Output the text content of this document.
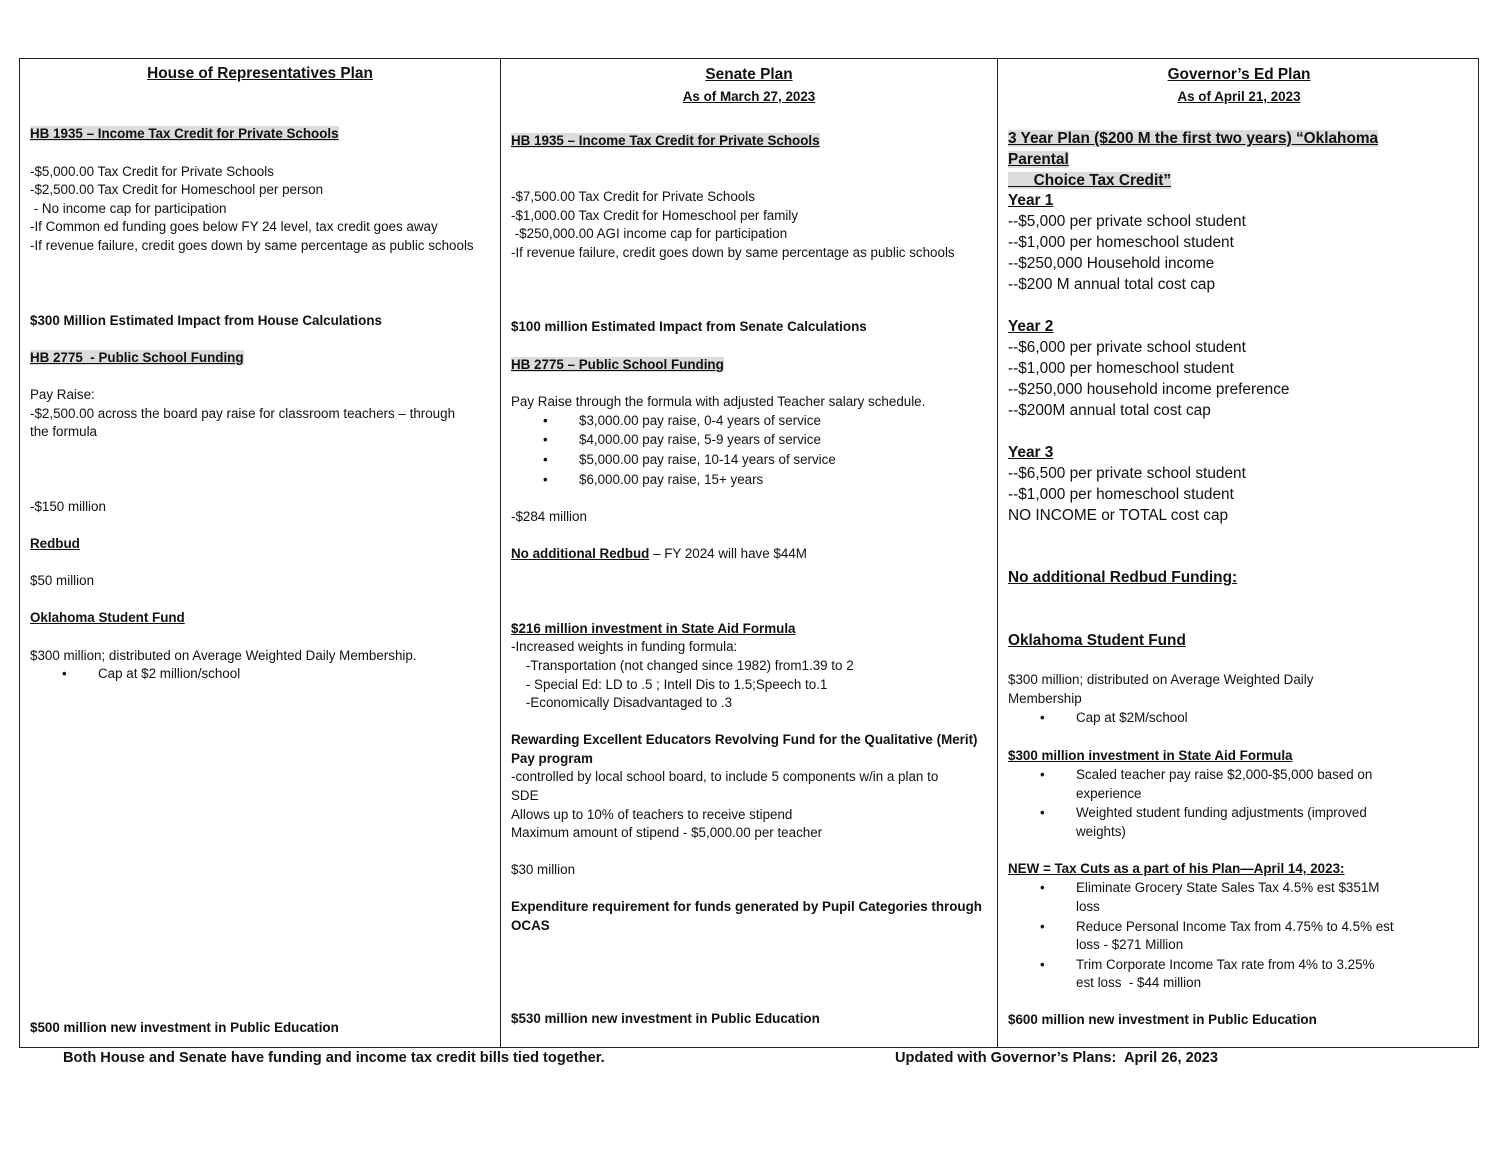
House of Representatives Plan
HB 1935 – Income Tax Credit for Private Schools
-$5,000.00 Tax Credit for Private Schools
-$2,500.00 Tax Credit for Homeschool per person
- No income cap for participation
-If Common ed funding goes below FY 24 level, tax credit goes away
-If revenue failure, credit goes down by same percentage as public schools
$300 Million Estimated Impact from House Calculations
HB 2775  - Public School Funding
Pay Raise:
-$2,500.00 across the board pay raise for classroom teachers – through
the formula
-$150 million
Redbud
$50 million
Oklahoma Student Fund
$300 million; distributed on Average Weighted Daily Membership.
• Cap at $2 million/school
$500 million new investment in Public Education
Senate Plan
As of March 27, 2023
HB 1935 – Income Tax Credit for Private Schools
-$7,500.00 Tax Credit for Private Schools
-$1,000.00 Tax Credit for Homeschool per family
-$250,000.00 AGI income cap for participation
-If revenue failure, credit goes down by same percentage as public schools
$100 million Estimated Impact from Senate Calculations
HB 2775 – Public School Funding
Pay Raise through the formula with adjusted Teacher salary schedule.
• $3,000.00 pay raise, 0-4 years of service
• $4,000.00 pay raise, 5-9 years of service
• $5,000.00 pay raise, 10-14 years of service
• $6,000.00 pay raise, 15+ years
-$284 million
No additional Redbud – FY 2024 will have $44M
$216 million investment in State Aid Formula
-Increased weights in funding formula:
-Transportation (not changed since 1982) from1.39 to 2
- Special Ed: LD to .5 ; Intell Dis to 1.5;Speech to.1
-Economically Disadvantaged to .3
Rewarding Excellent Educators Revolving Fund for the Qualitative (Merit)
Pay program
-controlled by local school board, to include 5 components w/in a plan to
SDE
Allows up to 10% of teachers to receive stipend
Maximum amount of stipend - $5,000.00 per teacher
$30 million
Expenditure requirement for funds generated by Pupil Categories through
OCAS
$530 million new investment in Public Education
Governor’s Ed Plan
As of April 21, 2023
3 Year Plan ($200 M the first two years) “Oklahoma
Parental
Choice Tax Credit”
Year 1
--$5,000 per private school student
--$1,000 per homeschool student
--$250,000 Household income
--$200 M annual total cost cap
Year 2
--$6,000 per private school student
--$1,000 per homeschool student
--$250,000 household income preference
--$200M annual total cost cap
Year 3
--$6,500 per private school student
--$1,000 per homeschool student
NO INCOME or TOTAL cost cap
No additional Redbud Funding:
Oklahoma Student Fund
$300 million; distributed on Average Weighted Daily
Membership
• Cap at $2M/school
$300 million investment in State Aid Formula
• Scaled teacher pay raise $2,000-$5,000 based on
experience
• Weighted student funding adjustments (improved
weights)
NEW = Tax Cuts as a part of his Plan—April 14, 2023:
• Eliminate Grocery State Sales Tax 4.5% est $351M
loss
• Reduce Personal Income Tax from 4.75% to 4.5% est
loss - $271 Million
• Trim Corporate Income Tax rate from 4% to 3.25%
est loss  - $44 million
$600 million new investment in Public Education
Both House and Senate have funding and income tax credit bills tied together.	Updated with Governor’s Plans:  April 26, 2023
